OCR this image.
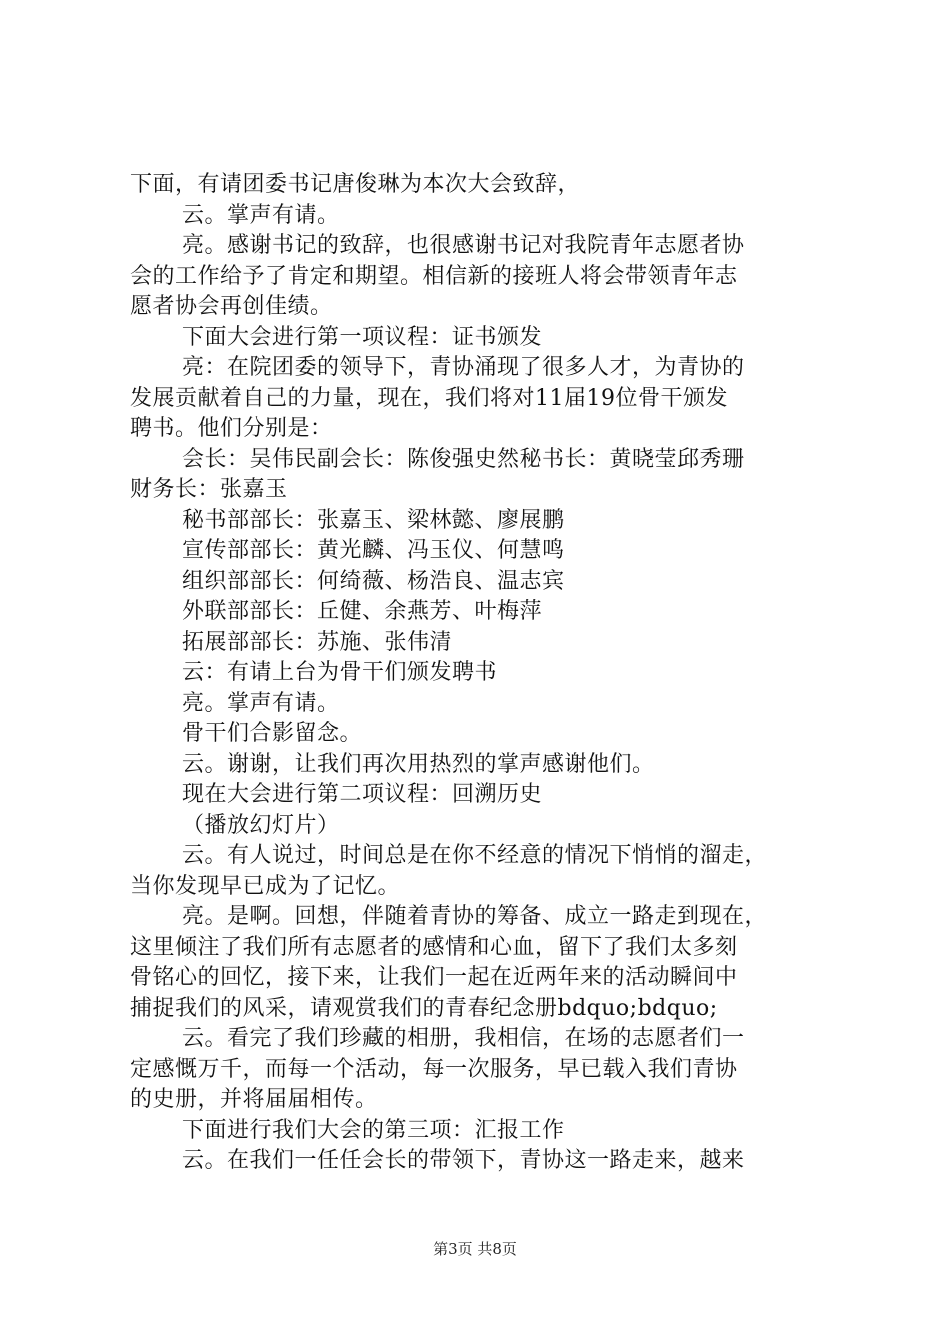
下面，有请团委书记唐俊琳为本次大会致辞，
云。掌声有请。
亮。感谢书记的致辞，也很感谢书记对我院青年志愿者协
会的工作给予了肯定和期望。相信新的接班人将会带领青年志
愿者协会再创佳绩。
下面大会进行第一项议程：证书颁发
亮：在院团委的领导下，青协涌现了很多人才，为青协的
发展贡献着自己的力量，现在，我们将对11届19位骨干颁发
聘书。他们分别是：
会长：吴伟民副会长：陈俊强史然秘书长：黄晓莹邱秀珊
财务长：张嘉玉
秘书部部长：张嘉玉、梁林懿、廖展鹏
宣传部部长：黄光麟、冯玉仪、何慧鸣
组织部部长：何绮薇、杨浩良、温志宾
外联部部长：丘健、余燕芳、叶梅萍
拓展部部长：苏施、张伟清
云：有请上台为骨干们颁发聘书
亮。掌声有请。
骨干们合影留念。
云。谢谢，让我们再次用热烈的掌声感谢他们。
现在大会进行第二项议程：回溯历史
（播放幻灯片）
云。有人说过，时间总是在你不经意的情况下悄悄的溜走，
当你发现早已成为了记忆。
亮。是啊。回想，伴随着青协的筹备、成立一路走到现在，
这里倾注了我们所有志愿者的感情和心血，留下了我们太多刻
骨铭心的回忆，接下来，让我们一起在近两年来的活动瞬间中
捕捉我们的风采，请观赏我们的青春纪念册bdquo;bdquo;
云。看完了我们珍藏的相册，我相信，在场的志愿者们一
定感慨万千，而每一个活动，每一次服务，早已载入我们青协
的史册，并将届届相传。
下面进行我们大会的第三项：汇报工作
云。在我们一任任会长的带领下，青协这一路走来，越来
第3页 共8页
